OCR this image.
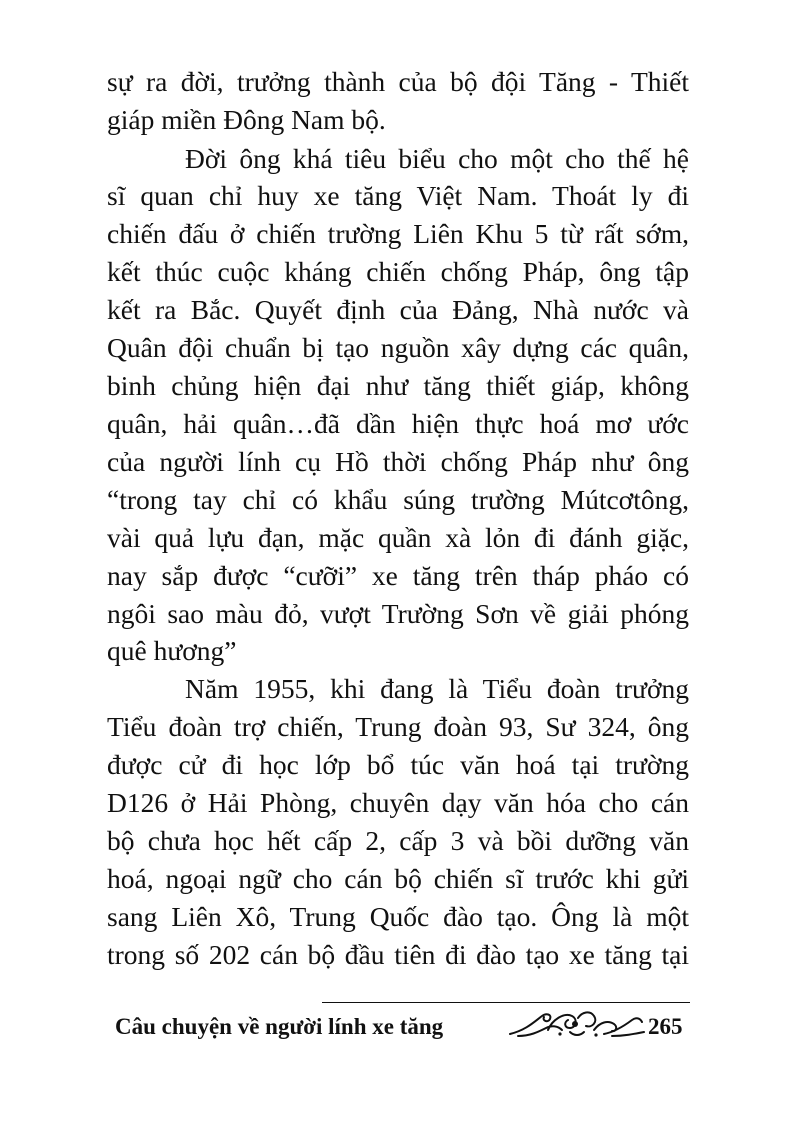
sự ra đời, trưởng thành của bộ đội Tăng - Thiết
giáp miền Đông Nam bộ.
Đời ông khá tiêu biểu cho một cho thế hệ
sĩ quan chỉ huy xe tăng Việt Nam. Thoát ly đi
chiến đấu ở chiến trường Liên Khu 5 từ rất sớm,
kết thúc cuộc kháng chiến chống Pháp, ông tập
kết ra Bắc. Quyết định của Đảng, Nhà nước và
Quân đội chuẩn bị tạo nguồn xây dựng các quân,
binh chủng hiện đại như tăng thiết giáp, không
quân, hải quân…đã dần hiện thực hoá mơ ước
của người lính cụ Hồ thời chống Pháp như ông
“trong tay chỉ có khẩu súng trường Mútcơtông,
vài quả lựu đạn, mặc quần xà lỏn đi đánh giặc,
nay sắp được “cưỡi” xe tăng trên tháp pháo có
ngôi sao màu đỏ, vượt Trường Sơn về giải phóng
quê hương”
Năm 1955, khi đang là Tiểu đoàn trưởng
Tiểu đoàn trợ chiến, Trung đoàn 93, Sư 324, ông
được cử đi học lớp bổ túc văn hoá tại trường
D126 ở Hải Phòng, chuyên dạy văn hóa cho cán
bộ chưa học hết cấp 2, cấp 3 và bồi dưỡng văn
hoá, ngoại ngữ cho cán bộ chiến sĩ trước khi gửi
sang Liên Xô, Trung Quốc đào tạo. Ông là một
trong số 202 cán bộ đầu tiên đi đào tạo xe tăng tại
Câu chuyện về người lính xe tăng	265
